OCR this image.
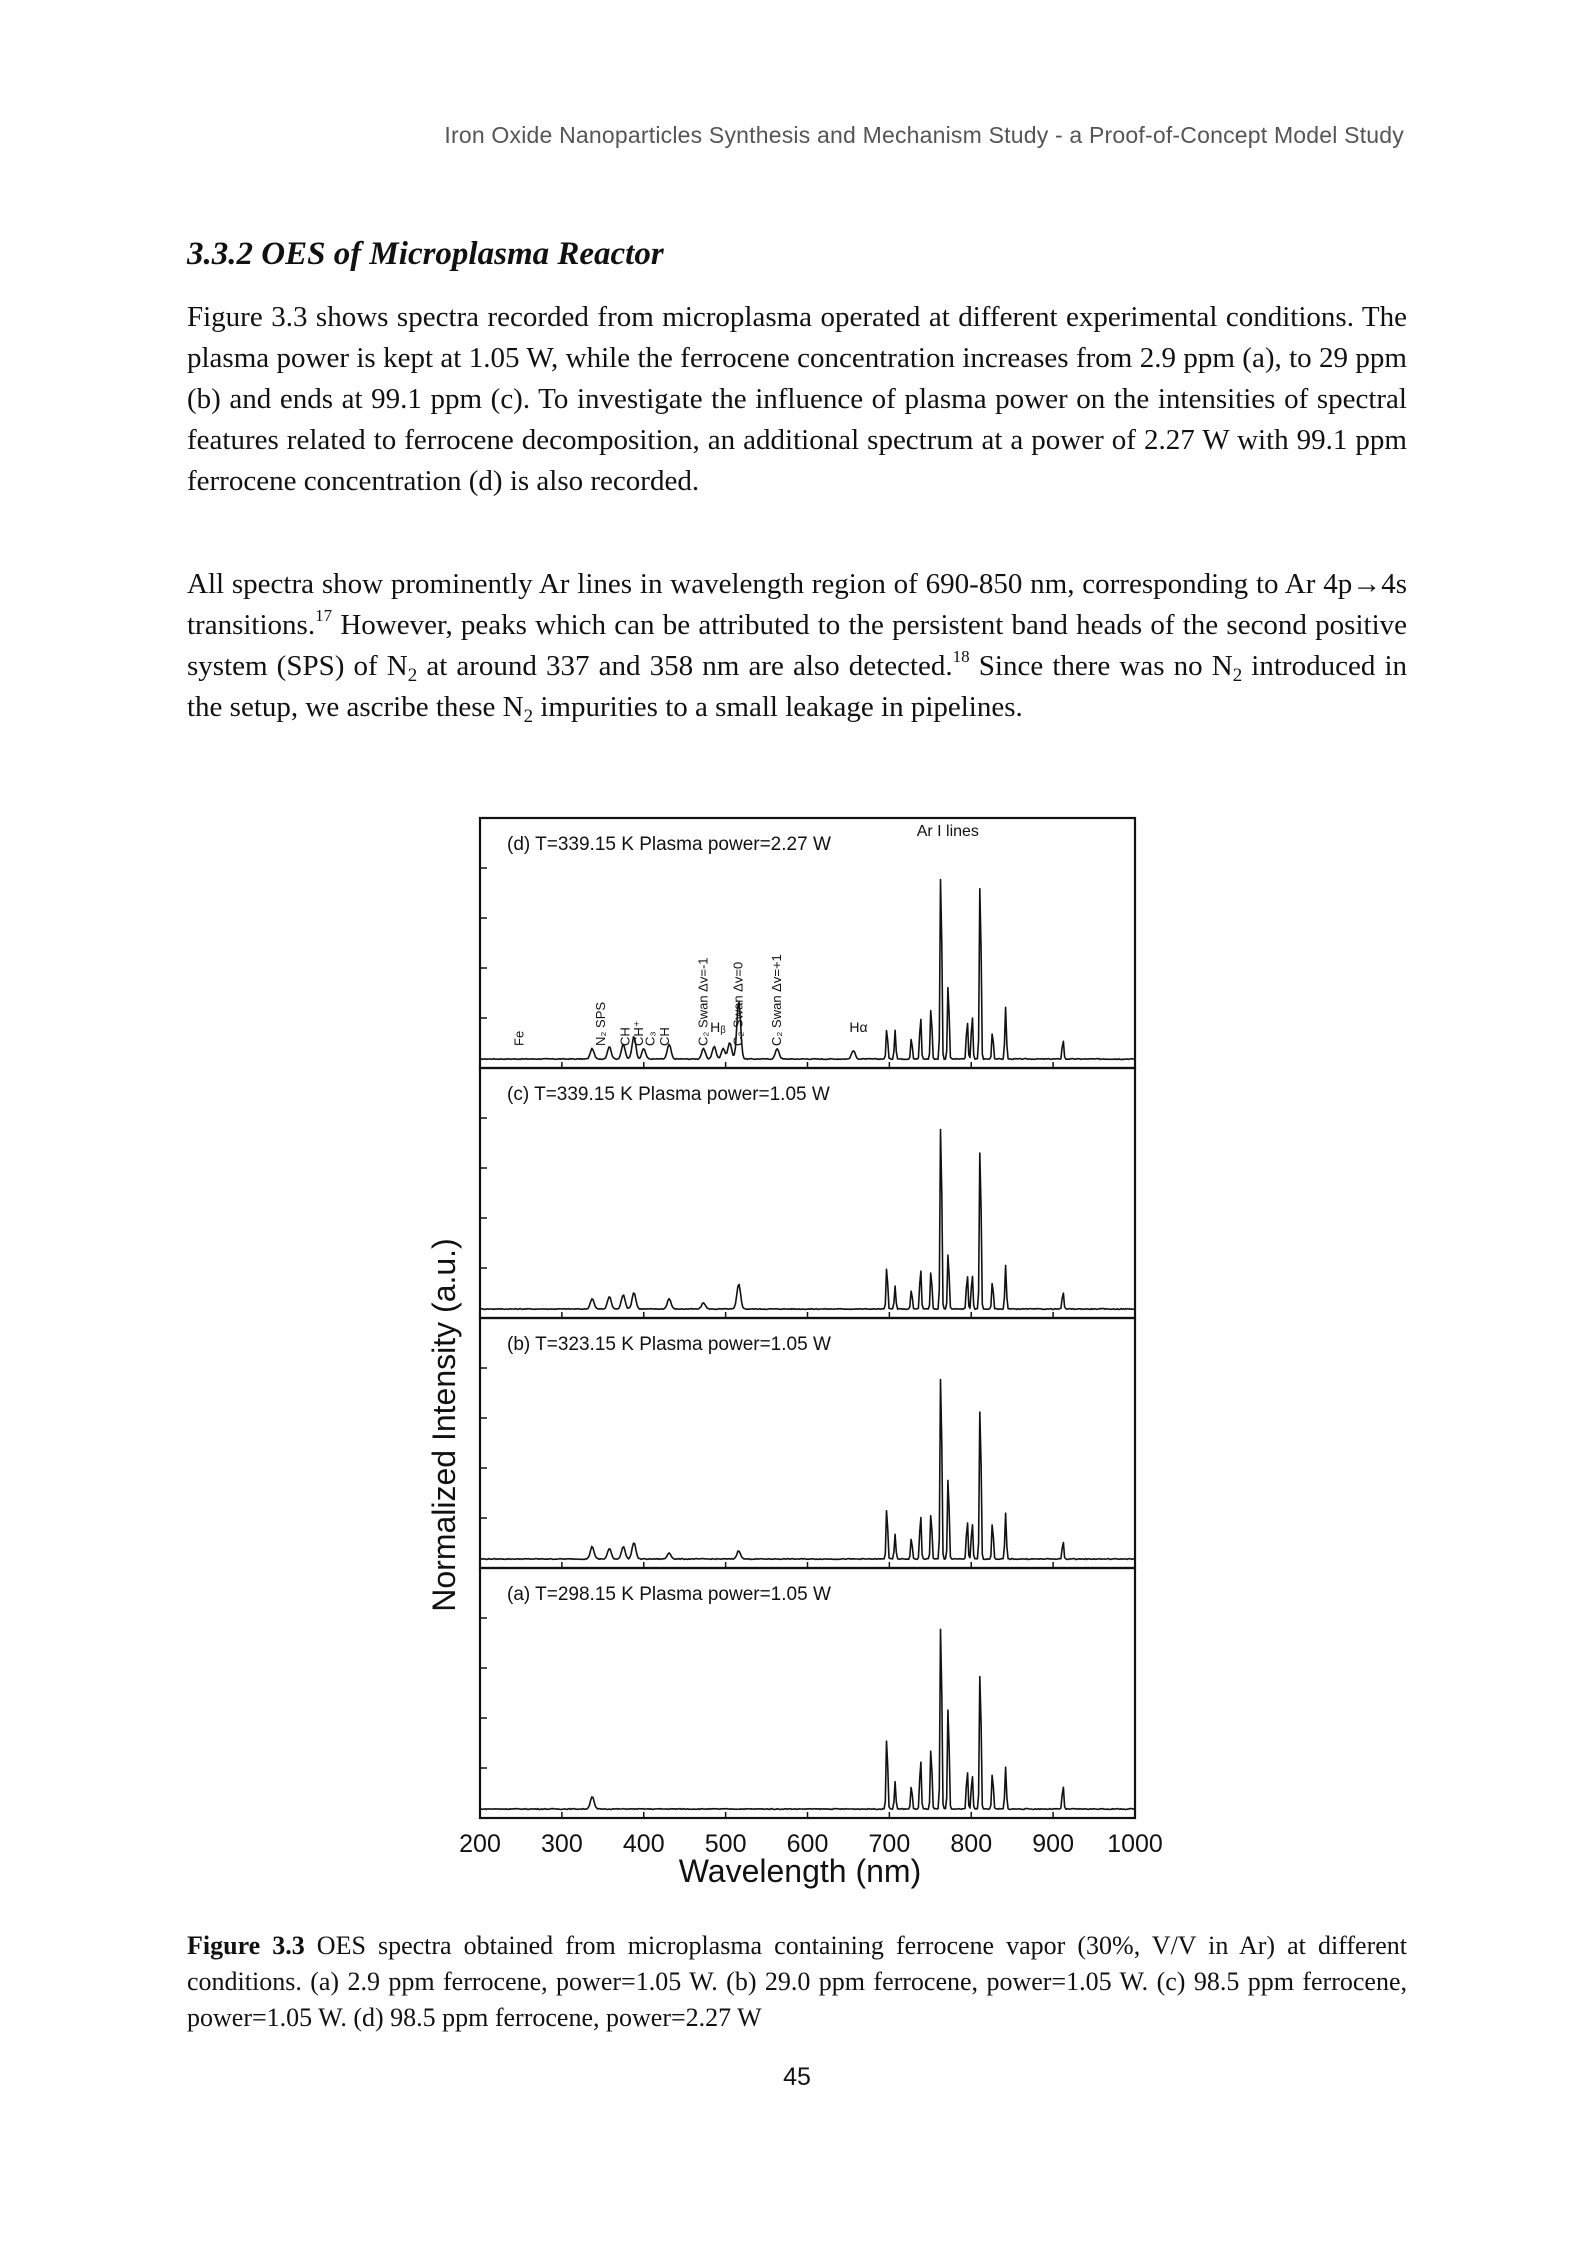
Iron Oxide Nanoparticles Synthesis and Mechanism Study - a Proof-of-Concept Model Study
3.3.2 OES of Microplasma Reactor
Figure 3.3 shows spectra recorded from microplasma operated at different experimental conditions. The plasma power is kept at 1.05 W, while the ferrocene concentration increases from 2.9 ppm (a), to 29 ppm (b) and ends at 99.1 ppm (c). To investigate the influence of plasma power on the intensities of spectral features related to ferrocene decomposition, an additional spectrum at a power of 2.27 W with 99.1 ppm ferrocene concentration (d) is also recorded.
All spectra show prominently Ar lines in wavelength region of 690-850 nm, corresponding to Ar 4p→4s transitions.$^{17}$ However, peaks which can be attributed to the persistent band heads of the second positive system (SPS) of $N_2$ at around 337 and 358 nm are also detected.$^{18}$ Since there was no $N_2$ introduced in the setup, we ascribe these $N_2$ impurities to a small leakage in pipelines.
(d) T=339.15 K Plasma power=2.27 W
(c) T=339.15 K Plasma power=1.05 W
(b) T=323.15 K Plasma power=1.05 W
(a) T=298.15 K Plasma power=1.05 W
Ar I lines
Fe	N₂ SPS CH
CH⁺
C₃ CH C₂ Swan Δv=-1 Hᵦ C₂ Swan Δv=0 C₂ Swan Δv=+1	Hα
200 300 400 500 600 700 800 900 1000
Normalized Intensity (a.u.)
Wavelength (nm)
Figure 3.3 OES spectra obtained from microplasma containing ferrocene vapor (30%, V/V in Ar) at different conditions. (a) 2.9 ppm ferrocene, power=1.05 W. (b) 29.0 ppm ferrocene, power=1.05 W. (c) 98.5 ppm ferrocene, power=1.05 W. (d) 98.5 ppm ferrocene, power=2.27 W
45
